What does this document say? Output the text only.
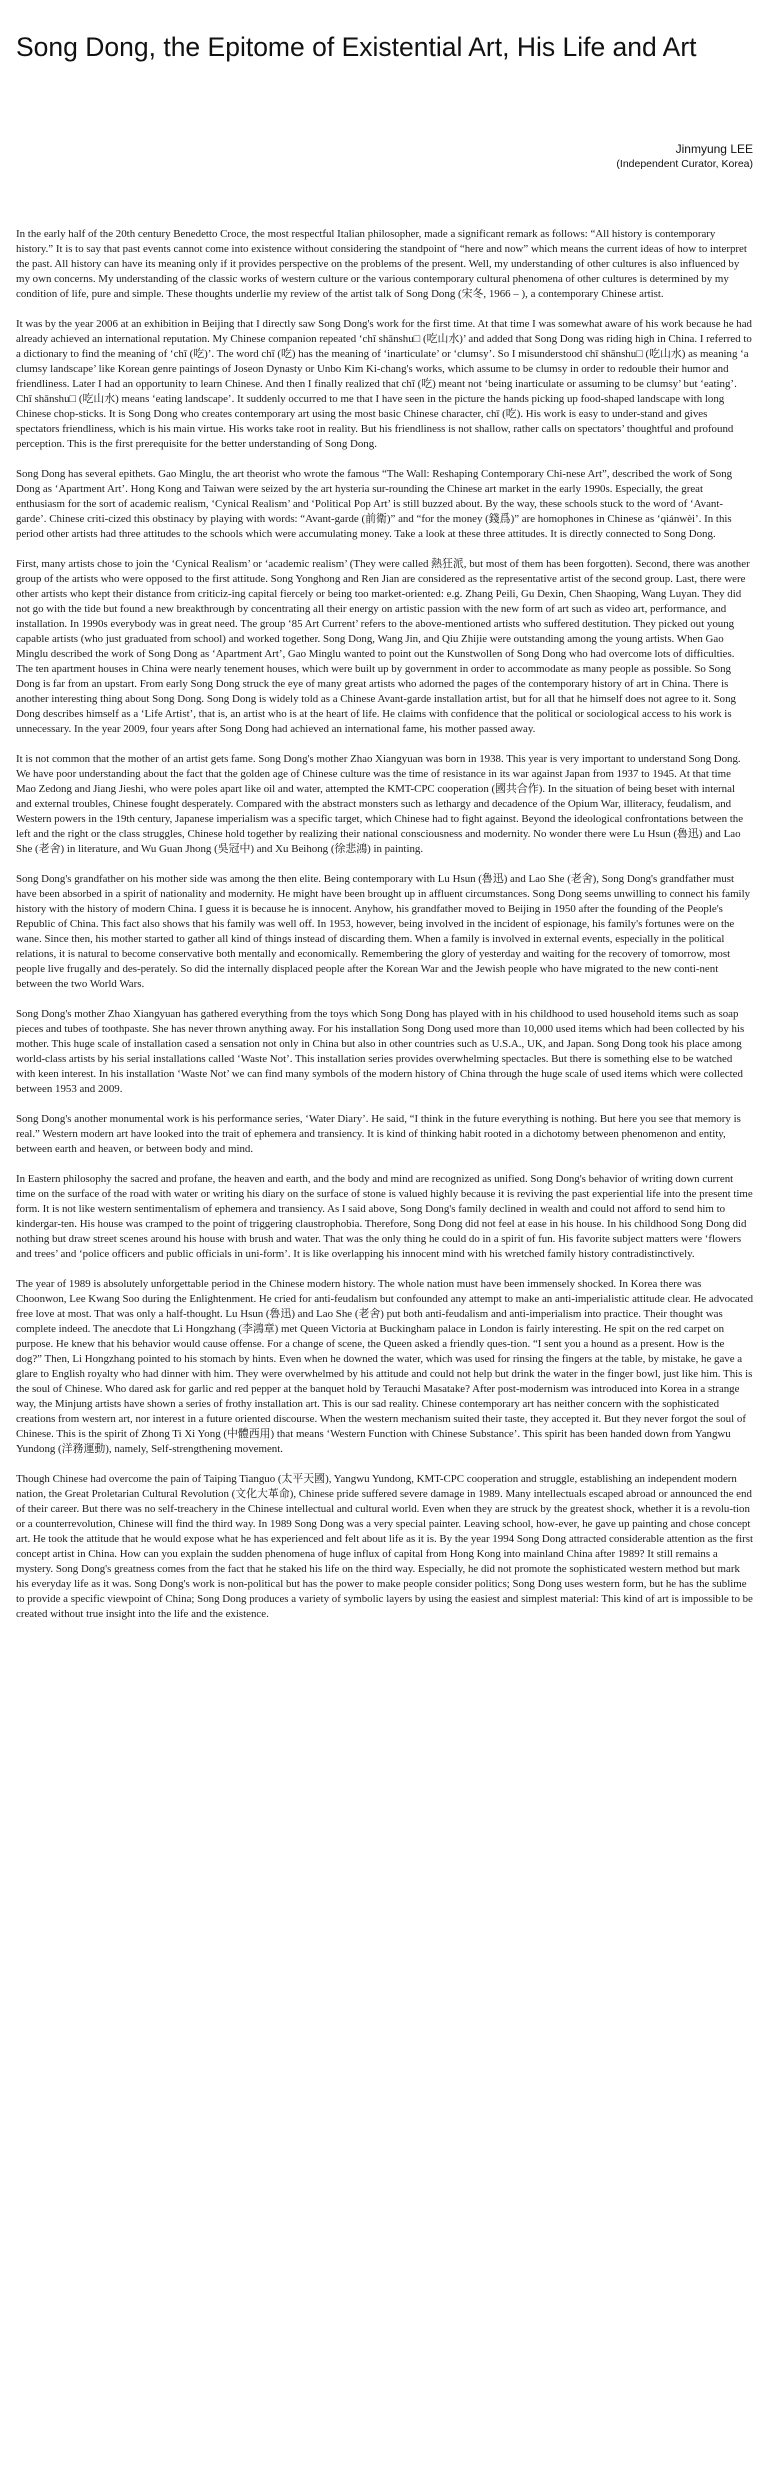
Song Dong, the Epitome of Existential Art, His Life and Art
Jinmyung LEE
(Independent Curator, Korea)

In the early half of the 20th century Benedetto Croce, the most respectful Italian philosopher, made a significant remark as follows: “All history is contemporary history.” It is to say that past events cannot come into existence without considering the standpoint of “here and now” which means the current ideas of how to interpret the past. All history can have its meaning only if it provides perspective on the problems of the present. Well, my understanding of other cultures is also influenced by my own concerns. My understanding of the classic works of western culture or the various contemporary cultural phenomena of other cultures is determined by my condition of life, pure and simple. These thoughts underlie my review of the artist talk of Song Dong (宋冬, 1966 – ), a contemporary Chinese artist.

It was by the year 2006 at an exhibition in Beijing that I directly saw Song Dong's work for the first time. At that time I was somewhat aware of his work because he had already achieved an international reputation. My Chinese companion repeated ‘chī shānshu□ (吃山水)’ and added that Song Dong was riding high in China. I referred to a dictionary to find the meaning of ‘chī (吃)’. The word chī (吃) has the meaning of ‘inarticulate’ or ‘clumsy’. So I misunderstood chī shānshu□ (吃山水) as meaning ‘a clumsy landscape’ like Korean genre paintings of Joseon Dynasty or Unbo Kim Ki-chang's works, which assume to be clumsy in order to redouble their humor and friendliness. Later I had an opportunity to learn Chinese. And then I finally realized that chī (吃) meant not ‘being inarticulate or assuming to be clumsy’ but ‘eating’. Chī shānshu□ (吃山水) means ‘eating landscape’. It suddenly occurred to me that I have seen in the picture the hands picking up food-shaped landscape with long Chinese chop-sticks. It is Song Dong who creates contemporary art using the most basic Chinese character, chī (吃). His work is easy to under-stand and gives spectators friendliness, which is his main virtue. His works take root in reality. But his friendliness is not shallow, rather calls on spectators’ thoughtful and profound perception. This is the first prerequisite for the better understanding of Song Dong.

Song Dong has several epithets. Gao Minglu, the art theorist who wrote the famous “The Wall: Reshaping Contemporary Chi-nese Art”, described the work of Song Dong as ‘Apartment Art’. Hong Kong and Taiwan were seized by the art hysteria sur-rounding the Chinese art market in the early 1990s. Especially, the great enthusiasm for the sort of academic realism, ‘Cynical Realism’ and ‘Political Pop Art’ is still buzzed about. By the way, these schools stuck to the word of ‘Avant-garde’. Chinese criti-cized this obstinacy by playing with words: “Avant-garde (前衛)” and “for the money (錢爲)” are homophones in Chinese as ‘qiánwèi’. In this period other artists had three attitudes to the schools which were accumulating money. Take a look at these three attitudes. It is directly connected to Song Dong.

First, many artists chose to join the ‘Cynical Realism’ or ‘academic realism’ (They were called 熱狂派, but most of them has been forgotten). Second, there was another group of the artists who were opposed to the first attitude. Song Yonghong and Ren Jian are considered as the representative artist of the second group. Last, there were other artists who kept their distance from criticiz-ing capital fiercely or being too market-oriented: e.g. Zhang Peili, Gu Dexin, Chen Shaoping, Wang Luyan. They did not go with the tide but found a new breakthrough by concentrating all their energy on artistic passion with the new form of art such as video art, performance, and installation. In 1990s everybody was in great need. The group ‘85 Art Current’ refers to the above-mentioned artists who suffered destitution. They picked out young capable artists (who just graduated from school) and worked together. Song Dong, Wang Jin, and Qiu Zhijie were outstanding among the young artists. When Gao Minglu described the work of Song Dong as ‘Apartment Art’, Gao Minglu wanted to point out the Kunstwollen of Song Dong who had overcome lots of difficulties. The ten apartment houses in China were nearly tenement houses, which were built up by government in order to accommodate as many people as possible. So Song Dong is far from an upstart. From early Song Dong struck the eye of many great artists who adorned the pages of the contemporary history of art in China. There is another interesting thing about Song Dong. Song Dong is widely told as a Chinese Avant-garde installation artist, but for all that he himself does not agree to it. Song Dong describes himself as a ‘Life Artist’, that is, an artist who is at the heart of life. He claims with confidence that the political or sociological access to his work is unnecessary. In the year 2009, four years after Song Dong had achieved an international fame, his mother passed away.

It is not common that the mother of an artist gets fame. Song Dong's mother Zhao Xiangyuan was born in 1938. This year is very important to understand Song Dong. We have poor understanding about the fact that the golden age of Chinese culture was the time of resistance in its war against Japan from 1937 to 1945. At that time Mao Zedong and Jiang Jieshi, who were poles apart like oil and water, attempted the KMT-CPC cooperation (國共合作). In the situation of being beset with internal and external troubles, Chinese fought desperately. Compared with the abstract monsters such as lethargy and decadence of the Opium War, illiteracy, feudalism, and Western powers in the 19th century, Japanese imperialism was a specific target, which Chinese had to fight against. Beyond the ideological confrontations between the left and the right or the class struggles, Chinese hold together by realizing their national consciousness and modernity. No wonder there were Lu Hsun (魯迅) and Lao She (老舍) in literature, and Wu Guan Jhong (吳冠中) and Xu Beihong (徐悲鴻) in painting.

Song Dong's grandfather on his mother side was among the then elite. Being contemporary with Lu Hsun (魯迅) and Lao She (老舍), Song Dong's grandfather must have been absorbed in a spirit of nationality and modernity. He might have been brought up in affluent circumstances. Song Dong seems unwilling to connect his family history with the history of modern China. I guess it is because he is innocent. Anyhow, his grandfather moved to Beijing in 1950 after the founding of the People's Republic of China. This fact also shows that his family was well off. In 1953, however, being involved in the incident of espionage, his family's fortunes were on the wane. Since then, his mother started to gather all kind of things instead of discarding them. When a family is involved in external events, especially in the political relations, it is natural to become conservative both mentally and economically. Remembering the glory of yesterday and waiting for the recovery of tomorrow, most people live frugally and des-perately. So did the internally displaced people after the Korean War and the Jewish people who have migrated to the new conti-nent between the two World Wars.

Song Dong's mother Zhao Xiangyuan has gathered everything from the toys which Song Dong has played with in his childhood to used household items such as soap pieces and tubes of toothpaste. She has never thrown anything away. For his installation Song Dong used more than 10,000 used items which had been collected by his mother. This huge scale of installation cased a sensation not only in China but also in other countries such as U.S.A., UK, and Japan. Song Dong took his place among world-class artists by his serial installations called ‘Waste Not’. This installation series provides overwhelming spectacles. But there is something else to be watched with keen interest. In his installation ‘Waste Not’ we can find many symbols of the modern history of China through the huge scale of used items which were collected between 1953 and 2009.

Song Dong's another monumental work is his performance series, ‘Water Diary’. He said, “I think in the future everything is nothing. But here you see that memory is real.” Western modern art have looked into the trait of ephemera and transiency. It is kind of thinking habit rooted in a dichotomy between phenomenon and entity, between earth and heaven, or between body and mind.

In Eastern philosophy the sacred and profane, the heaven and earth, and the body and mind are recognized as unified. Song Dong's behavior of writing down current time on the surface of the road with water or writing his diary on the surface of stone is valued highly because it is reviving the past experiential life into the present time form. It is not like western sentimentalism of ephemera and transiency. As I said above, Song Dong's family declined in wealth and could not afford to send him to kindergar-ten. His house was cramped to the point of triggering claustrophobia. Therefore, Song Dong did not feel at ease in his house. In his childhood Song Dong did nothing but draw street scenes around his house with brush and water. That was the only thing he could do in a spirit of fun. His favorite subject matters were ‘flowers and trees’ and ‘police officers and public officials in uni-form’. It is like overlapping his innocent mind with his wretched family history contradistinctively.

The year of 1989 is absolutely unforgettable period in the Chinese modern history. The whole nation must have been immensely shocked. In Korea there was Choonwon, Lee Kwang Soo during the Enlightenment. He cried for anti-feudalism but confounded any attempt to make an anti-imperialistic attitude clear. He advocated free love at most. That was only a half-thought. Lu Hsun (魯迅) and Lao She (老舍) put both anti-feudalism and anti-imperialism into practice. Their thought was complete indeed. The anecdote that Li Hongzhang (李鴻章) met Queen Victoria at Buckingham palace in London is fairly interesting. He spit on the red carpet on purpose. He knew that his behavior would cause offense. For a change of scene, the Queen asked a friendly ques-tion. “I sent you a hound as a present. How is the dog?” Then, Li Hongzhang pointed to his stomach by hints. Even when he downed the water, which was used for rinsing the fingers at the table, by mistake, he gave a glare to English royalty who had dinner with him. They were overwhelmed by his attitude and could not help but drink the water in the finger bowl, just like him. This is the soul of Chinese. Who dared ask for garlic and red pepper at the banquet hold by Terauchi Masatake? After post-modernism was introduced into Korea in a strange way, the Minjung artists have shown a series of frothy installation art. This is our sad reality. Chinese contemporary art has neither concern with the sophisticated creations from western art, nor interest in a future oriented discourse. When the western mechanism suited their taste, they accepted it. But they never forgot the soul of Chinese. This is the spirit of Zhong Ti Xi Yong (中體西用) that means ‘Western Function with Chinese Substance’. This spirit has been handed down from Yangwu Yundong (洋務運動), namely, Self-strengthening movement.

Though Chinese had overcome the pain of Taiping Tianguo (太平天國), Yangwu Yundong, KMT-CPC cooperation and struggle, establishing an independent modern nation, the Great Proletarian Cultural Revolution (文化大革命), Chinese pride suffered severe damage in 1989. Many intellectuals escaped abroad or announced the end of their career. But there was no self-treachery in the Chinese intellectual and cultural world. Even when they are struck by the greatest shock, whether it is a revolu-tion or a counterrevolution, Chinese will find the third way. In 1989 Song Dong was a very special painter. Leaving school, how-ever, he gave up painting and chose concept art. He took the attitude that he would expose what he has experienced and felt about life as it is. By the year 1994 Song Dong attracted considerable attention as the first concept artist in China. How can you explain the sudden phenomena of huge influx of capital from Hong Kong into mainland China after 1989? It still remains a mystery. Song Dong's greatness comes from the fact that he staked his life on the third way. Especially, he did not promote the sophisticated western method but mark his everyday life as it was. Song Dong's work is non-political but has the power to make people consider politics; Song Dong uses western form, but he has the sublime to provide a specific viewpoint of China; Song Dong produces a variety of symbolic layers by using the easiest and simplest material: This kind of art is impossible to be created without true insight into the life and the existence.
